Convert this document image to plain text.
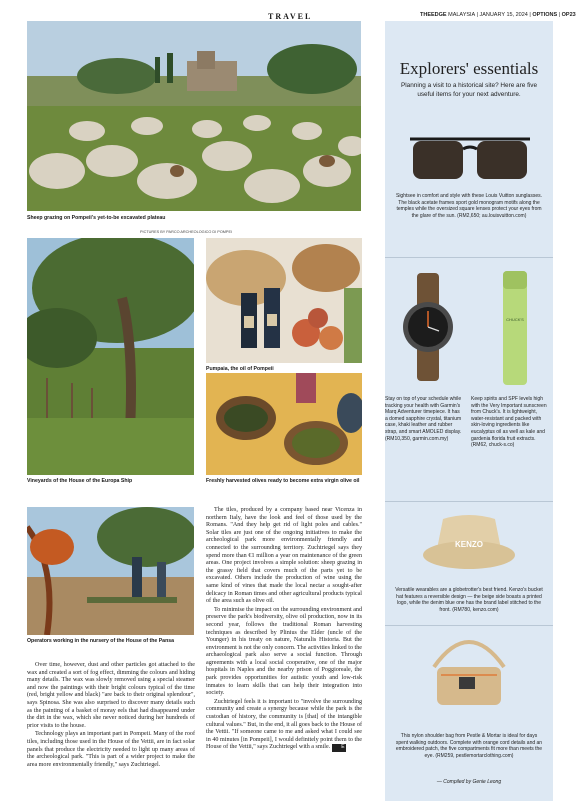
TRAVEL	THEEDGE MALAYSIA | JANUARY 15, 2024 | OPTIONS | OP23
Sheep grazing on Pompeii's yet-to-be excavated plateau
PICTURES BY PARCO ARCHEOLOGICO DI POMPEI
Vineyards of the House of the Europa Ship
Pumpaia, the oil of Pompeii
Freshly harvested olives ready to become extra virgin olive oil
Operators working in the nursery of the House of the Pansa

Over time, however, dust and other particles got attached to the wax and created a sort of fog effect, dimming the colours and hiding many details. The wax was slowly removed using a special steamer and now the paintings with their bright colours typical of the time (red, bright yellow and black) "are back to their original splendour", says Spinosa. She was also surprised to discover many details such as the painting of a basket of moray eels that had disappeared under the dirt in the wax, which she never noticed during her hundreds of prior visits to the house.

Technology plays an important part in Pompeii. Many of the roof tiles, including those used in the House of the Vettii, are in fact solar panels that produce the electricity needed to light up many areas of the archeological park. "This is part of a wider project to make the area more environmentally friendly," says Zuchtriegel.

The tiles, produced by a company based near Vicenza in northern Italy, have the look and feel of those used by the Romans. "And they help get rid of light poles and cables." Solar tiles are just one of the ongoing initiatives to make the archeological park more environmentally friendly and connected to the surrounding territory. Zuchtriegel says they spend more than €1 million a year on maintenance of the green areas. One project involves a simple solution: sheep grazing in the grassy field that covers much of the parts yet to be excavated. Others include the production of wine using the same kind of vines that made the local nectar a sought-after delicacy in Roman times and other agricultural products typical of the area such as olive oil.

To minimise the impact on the surrounding environment and preserve the park's biodiversity, olive oil production, now in its second year, follows the traditional Roman harvesting techniques as described by Plinius the Elder (uncle of the Younger) in his treaty on nature, Naturalis Historia. But the environment is not the only concern. The activities linked to the archaeological park also serve a social function. Through agreements with a local social cooperative, one of the major hospitals in Naples and the nearby prison of Poggioreale, the park provides opportunities for autistic youth and low-risk inmates to learn skills that can help their integration into society.

Zuchtriegel feels it is important to "involve the surrounding community and create a synergy because while the park is the custodian of history, the community is [that] of the intangible cultural values." But, in the end, it all goes back to the House of the Vettii. "If someone came to me and asked what I could see in 40 minutes [in Pompeii], I would definitely point them to the House of the Vettii," says Zuchtriegel with a smile. E

Explorers' essentials
Planning a visit to a historical site? Here are five useful items for your next adventure.
Sightsee in comfort and style with these Louis Vuitton sunglasses. The black acetate frames sport gold monogram motifs along the temples while the oversized square lenses protect your eyes from the glare of the sun. (RM2,650; au.louisvuitton.com)
Stay on top of your schedule while tracking your health with Garmin's Marq Adventurer timepiece. It has a domed sapphire crystal, titanium case, khaki leather and rubber strap, and smart AMOLED display. (RM10,350, garmin.com.my)
CHUCK'S
Keep spirits and SPF levels high with the Very Important sunscreen from Chuck's. It is lightweight, water-resistant and packed with skin-loving ingredients like eucalyptus oil as well as kale and gardenia florida fruit extracts. (RM62, chuck-s.co)
KENZO
Versatile wearables are a globetrotter's best friend. Kenzo's bucket hat features a reversible design — the beige side boasts a printed logo, while the denim blue one has the brand label stitched to the front. (RM780, kenzo.com)
This nylon shoulder bag from Pestle & Mortar is ideal for days spent walking outdoors. Complete with orange cord details and an embroidered patch, the five compartments fit more than meets the eye. (RM259, pestlemortarclothing.com)
— Compiled by Genie Leong
